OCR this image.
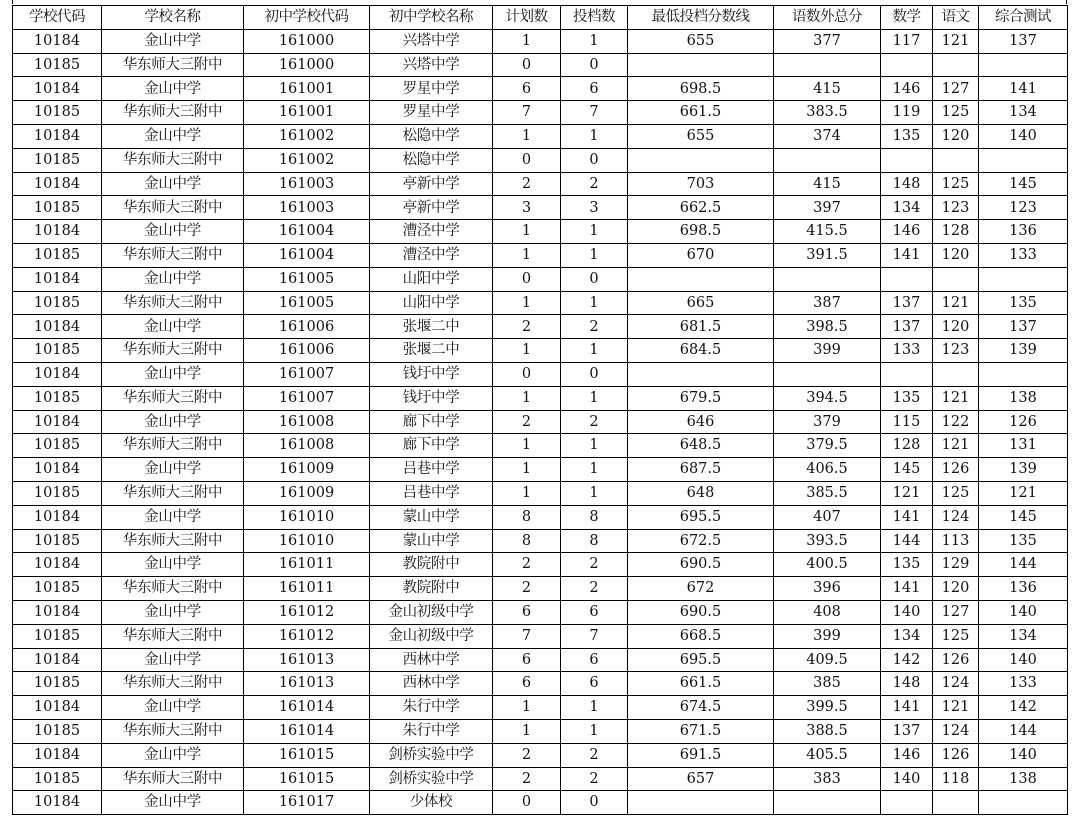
学校代码	学校名称	初中学校代码	初中学校名称	计划数	投档数	最低投档分数线	语数外总分	数学	语文	综合测试
10184	金山中学	161000	兴塔中学	1	1	655	377	117	121	137
10185	华东师大三附中	161000	兴塔中学	0	0					
10184	金山中学	161001	罗星中学	6	6	698.5	415	146	127	141
10185	华东师大三附中	161001	罗星中学	7	7	661.5	383.5	119	125	134
10184	金山中学	161002	松隐中学	1	1	655	374	135	120	140
10185	华东师大三附中	161002	松隐中学	0	0					
10184	金山中学	161003	亭新中学	2	2	703	415	148	125	145
10185	华东师大三附中	161003	亭新中学	3	3	662.5	397	134	123	123
10184	金山中学	161004	漕泾中学	1	1	698.5	415.5	146	128	136
10185	华东师大三附中	161004	漕泾中学	1	1	670	391.5	141	120	133
10184	金山中学	161005	山阳中学	0	0					
10185	华东师大三附中	161005	山阳中学	1	1	665	387	137	121	135
10184	金山中学	161006	张堰二中	2	2	681.5	398.5	137	120	137
10185	华东师大三附中	161006	张堰二中	1	1	684.5	399	133	123	139
10184	金山中学	161007	钱圩中学	0	0					
10185	华东师大三附中	161007	钱圩中学	1	1	679.5	394.5	135	121	138
10184	金山中学	161008	廊下中学	2	2	646	379	115	122	126
10185	华东师大三附中	161008	廊下中学	1	1	648.5	379.5	128	121	131
10184	金山中学	161009	吕巷中学	1	1	687.5	406.5	145	126	139
10185	华东师大三附中	161009	吕巷中学	1	1	648	385.5	121	125	121
10184	金山中学	161010	蒙山中学	8	8	695.5	407	141	124	145
10185	华东师大三附中	161010	蒙山中学	8	8	672.5	393.5	144	113	135
10184	金山中学	161011	教院附中	2	2	690.5	400.5	135	129	144
10185	华东师大三附中	161011	教院附中	2	2	672	396	141	120	136
10184	金山中学	161012	金山初级中学	6	6	690.5	408	140	127	140
10185	华东师大三附中	161012	金山初级中学	7	7	668.5	399	134	125	134
10184	金山中学	161013	西林中学	6	6	695.5	409.5	142	126	140
10185	华东师大三附中	161013	西林中学	6	6	661.5	385	148	124	133
10184	金山中学	161014	朱行中学	1	1	674.5	399.5	141	121	142
10185	华东师大三附中	161014	朱行中学	1	1	671.5	388.5	137	124	144
10184	金山中学	161015	剑桥实验中学	2	2	691.5	405.5	146	126	140
10185	华东师大三附中	161015	剑桥实验中学	2	2	657	383	140	118	138
10184	金山中学	161017	少体校	0	0					
